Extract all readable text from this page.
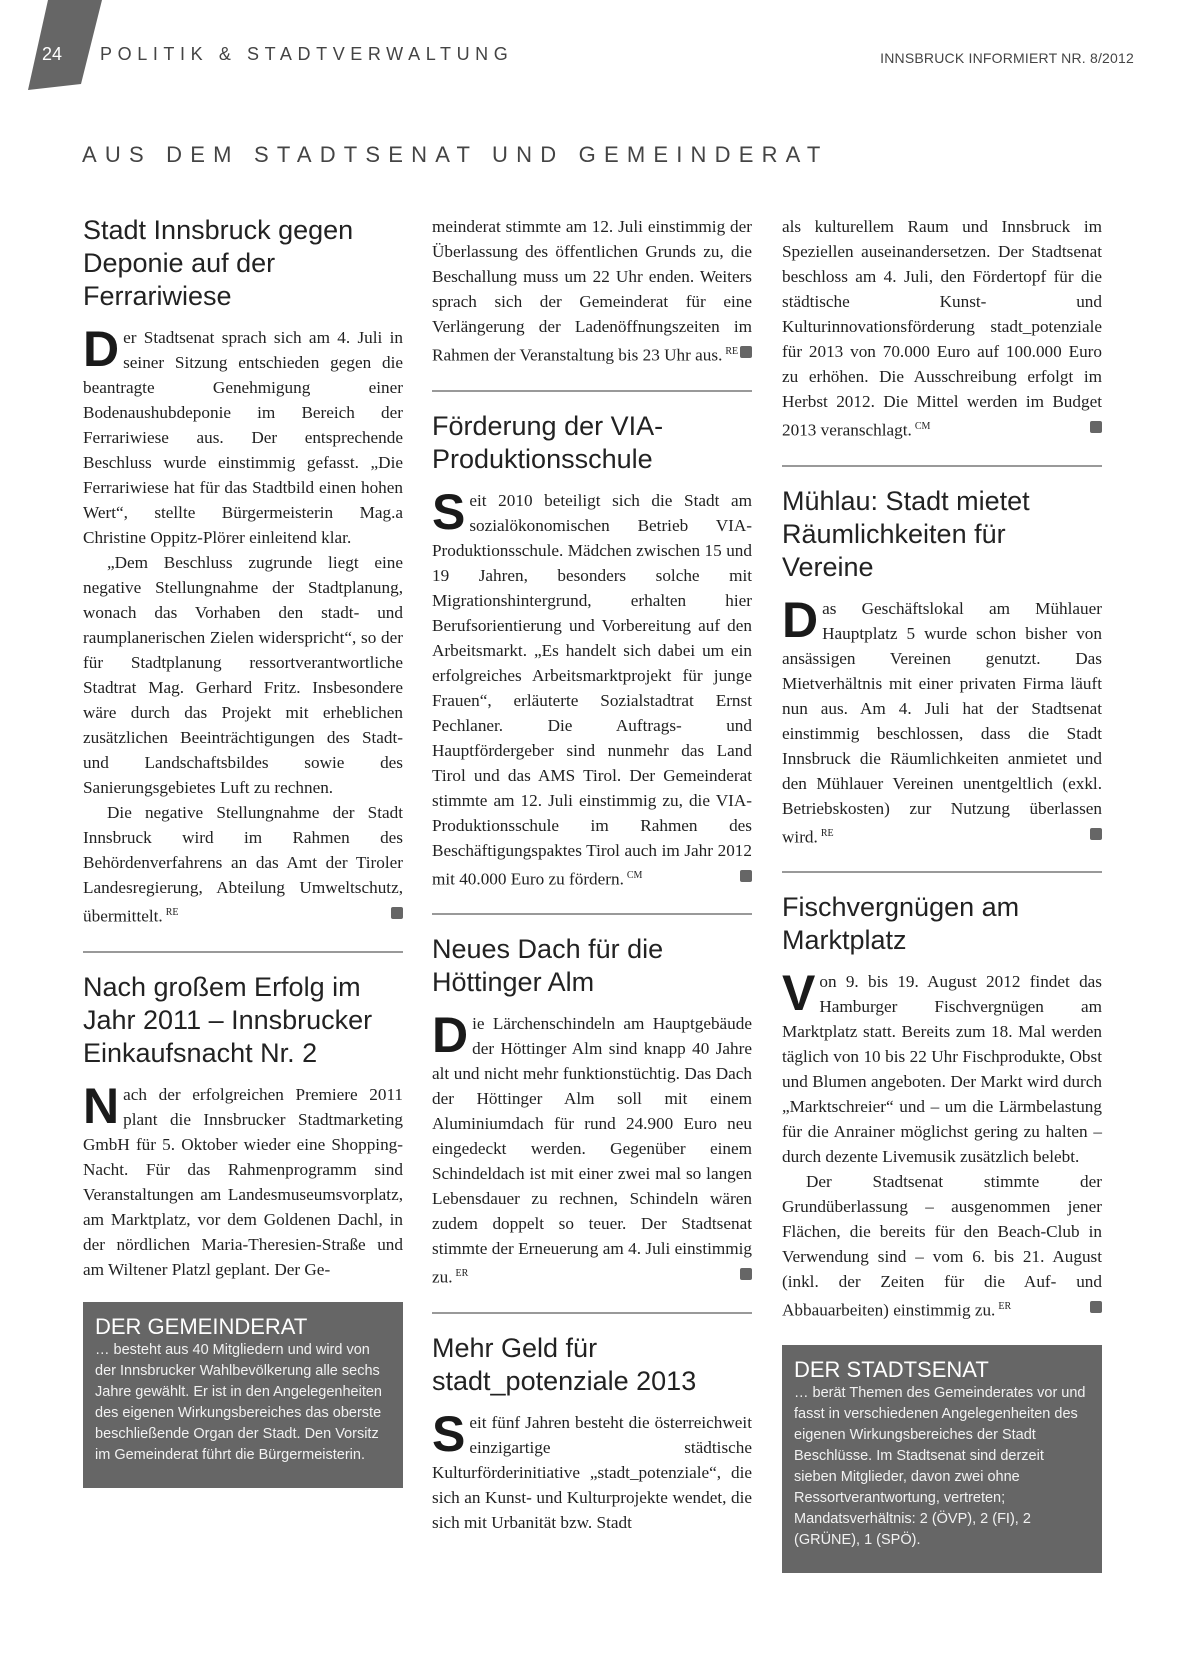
24 POLITIK & STADTVERWALTUNG	INNSBRUCK INFORMIERT NR. 8/2012
AUS DEM STADTSENAT UND GEMEINDERAT
Stadt Innsbruck gegen Deponie auf der Ferrariwiese

Der Stadtsenat sprach sich am 4. Juli in seiner Sitzung entschieden gegen die beantragte Genehmigung einer Bodenaushubdeponie im Bereich der Ferrariwiese aus. Der entsprechende Beschluss wurde einstimmig gefasst. „Die Ferrariwiese hat für das Stadtbild einen hohen Wert“, stellte Bürgermeisterin Mag.a Christine Oppitz-Plörer einleitend klar.

„Dem Beschluss zugrunde liegt eine negative Stellungnahme der Stadtplanung, wonach das Vorhaben den stadt- und raumplanerischen Zielen widerspricht“, so der für Stadtplanung ressortverantwortliche Stadtrat Mag. Gerhard Fritz. Insbesondere wäre durch das Projekt mit erheblichen zusätzlichen Beeinträchtigungen des Stadt- und Landschaftsbildes sowie des Sanierungsgebietes Luft zu rechnen.

Die negative Stellungnahme der Stadt Innsbruck wird im Rahmen des Behördenverfahrens an das Amt der Tiroler Landesregierung, Abteilung Umweltschutz, übermittelt. $^{RE}$

Nach großem Erfolg im Jahr 2011 – Innsbrucker Einkaufsnacht Nr. 2

Nach der erfolgreichen Premiere 2011 plant die Innsbrucker Stadtmarketing GmbH für 5. Oktober wieder eine Shopping-Nacht. Für das Rahmenprogramm sind Veranstaltungen am Landesmuseumsvorplatz, am Marktplatz, vor dem Goldenen Dachl, in der nördlichen Maria-Theresien-Straße und am Wiltener Platzl geplant. Der Ge-

DER GEMEINDERAT
… besteht aus 40 Mitgliedern und wird von der Innsbrucker Wahlbevölkerung alle sechs Jahre gewählt. Er ist in den Angelegenheiten des eigenen Wirkungsbereiches das oberste beschließende Organ der Stadt. Den Vorsitz im Gemeinderat führt die Bürgermeisterin.

meinderat stimmte am 12. Juli einstimmig der Überlassung des öffentlichen Grunds zu, die Beschallung muss um 22 Uhr enden. Weiters sprach sich der Gemeinderat für eine Verlängerung der Ladenöffnungszeiten im Rahmen der Veranstaltung bis 23 Uhr aus. $^{RE}$

Förderung der VIA-Produktionsschule

Seit 2010 beteiligt sich die Stadt am sozialökonomischen Betrieb VIA-Produktionsschule. Mädchen zwischen 15 und 19 Jahren, besonders solche mit Migrationshintergrund, erhalten hier Berufsorientierung und Vorbereitung auf den Arbeitsmarkt. „Es handelt sich dabei um ein erfolgreiches Arbeitsmarktprojekt für junge Frauen“, erläuterte Sozialstadtrat Ernst Pechlaner. Die Auftrags- und Hauptfördergeber sind nunmehr das Land Tirol und das AMS Tirol. Der Gemeinderat stimmte am 12. Juli einstimmig zu, die VIA-Produktionsschule im Rahmen des Beschäftigungspaktes Tirol auch im Jahr 2012 mit 40.000 Euro zu fördern. $^{CM}$

Neues Dach für die Höttinger Alm

Die Lärchenschindeln am Hauptgebäude der Höttinger Alm sind knapp 40 Jahre alt und nicht mehr funktionstüchtig. Das Dach der Höttinger Alm soll mit einem Aluminiumdach für rund 24.900 Euro neu eingedeckt werden. Gegenüber einem Schindeldach ist mit einer zwei mal so langen Lebensdauer zu rechnen, Schindeln wären zudem doppelt so teuer. Der Stadtsenat stimmte der Erneuerung am 4. Juli einstimmig zu. $^{ER}$

Mehr Geld für stadt_potenziale 2013

Seit fünf Jahren besteht die österreichweit einzigartige städtische Kulturförderinitiative „stadt_potenziale“, die sich an Kunst- und Kulturprojekte wendet, die sich mit Urbanität bzw. Stadt

als kulturellem Raum und Innsbruck im Speziellen auseinandersetzen. Der Stadtsenat beschloss am 4. Juli, den Fördertopf für die städtische Kunst- und Kulturinnovationsförderung stadt_potenziale für 2013 von 70.000 Euro auf 100.000 Euro zu erhöhen. Die Ausschreibung erfolgt im Herbst 2012. Die Mittel werden im Budget 2013 veranschlagt. $^{CM}$

Mühlau: Stadt mietet Räumlichkeiten für Vereine

Das Geschäftslokal am Mühlauer Hauptplatz 5 wurde schon bisher von ansässigen Vereinen genutzt. Das Mietverhältnis mit einer privaten Firma läuft nun aus. Am 4. Juli hat der Stadtsenat einstimmig beschlossen, dass die Stadt Innsbruck die Räumlichkeiten anmietet und den Mühlauer Vereinen unentgeltlich (exkl. Betriebskosten) zur Nutzung überlassen wird. $^{RE}$

Fischvergnügen am Marktplatz

Von 9. bis 19. August 2012 findet das Hamburger Fischvergnügen am Marktplatz statt. Bereits zum 18. Mal werden täglich von 10 bis 22 Uhr Fischprodukte, Obst und Blumen angeboten. Der Markt wird durch „Marktschreier“ und – um die Lärmbelastung für die Anrainer möglichst gering zu halten – durch dezente Livemusik zusätzlich belebt.

Der Stadtsenat stimmte der Grundüberlassung – ausgenommen jener Flächen, die bereits für den Beach-Club in Verwendung sind – vom 6. bis 21. August (inkl. der Zeiten für die Auf- und Abbauarbeiten) einstimmig zu. $^{ER}$

DER STADTSENAT
… berät Themen des Gemeinderates vor und fasst in verschiedenen Angelegenheiten des eigenen Wirkungsbereiches der Stadt Beschlüsse. Im Stadtsenat sind derzeit sieben Mitglieder, davon zwei ohne Ressortverantwortung, vertreten; Mandatsverhältnis: 2 (ÖVP), 2 (FI), 2 (GRÜNE), 1 (SPÖ).
